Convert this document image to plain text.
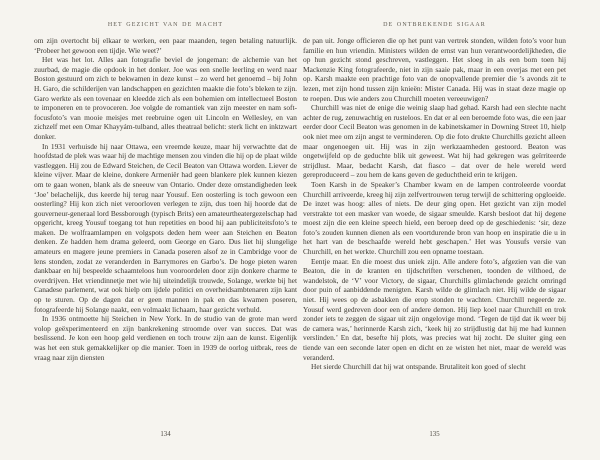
HET GEZICHT VAN DE MACHT

om zijn overtocht bij elkaar te werken, een paar maanden, tegen betaling natuurlijk. ‘Probeer het gewoon een tijdje. Wie weet?’

Het was het lot. Alles aan fotografie beviel de jongeman: de alchemie van het zuurbad, de magie die opdook in het donker. Joe was een snelle leerling en werd naar Boston gestuurd om zich te bekwamen in deze kunst – zo werd het genoemd – bij John H. Garo, die schilderijen van landschappen en gezichten maakte die foto’s bleken te zijn. Garo werkte als een tovenaar en kleedde zich als een bohemien om intellectueel Boston te imponeren en te provoceren. Joe volgde de romantiek van zijn meester en nam soft-focusfoto’s van mooie meisjes met reebruine ogen uit Lincoln en Wellesley, en van zichzelf met een Omar Khayyám-tulband, alles theatraal belicht: sterk licht en inktzwart donker.

In 1931 verhuisde hij naar Ottawa, een vreemde keuze, maar hij verwachtte dat de hoofdstad de plek was waar hij de machtige mensen zou vinden die hij op de plaat wilde vastleggen. Hij zou de Edward Steichen, de Cecil Beaton van Ottawa worden. Liever de kleine vijver. Maar de kleine, donkere Armeniër had geen blankere plek kunnen kiezen om te gaan wonen, blank als de sneeuw van Ontario. Onder deze omstandigheden leek ‘Joe’ belachelijk, dus keerde hij terug naar Yousuf. Een oosterling is toch gewoon een oosterling? Hij kon zich niet veroorloven verlegen te zijn, dus toen hij hoorde dat de gouverneur-generaal lord Bessborough (typisch Brits) een amateurtheatergezelschap had opgericht, kreeg Yousuf toegang tot hun repetities en bood hij aan publiciteitsfoto’s te maken. De wolfraamlampen en volgspots deden hem weer aan Steichen en Beaton denken. Ze hadden hem drama geleerd, oom George en Garo. Dus liet hij slungelige amateurs en magere jeune premiers in Canada poseren alsof ze in Cambridge voor de lens stonden, zodat ze veranderden in Barrymores en Garbo’s. De hoge pieten waren dankbaar en hij bespeelde schaamteloos hun vooroordelen door zijn donkere charme te overdrijven. Het vriendinnetje met wie hij uiteindelijk trouwde, Solange, werkte bij het Canadese parlement, wat ook hielp om ijdele politici en overheidsambtenaren zijn kant op te sturen. Op de dagen dat er geen mannen in pak en das kwamen poseren, fotografeerde hij Solange naakt, een volmaakt lichaam, haar gezicht verhuld.

In 1936 ontmoette hij Steichen in New York. In de studio van de grote man werd volop geëxperimenteerd en zijn bankrekening stroomde over van succes. Dat was beslissend. Je kon een hoop geld verdienen en toch trouw zijn aan de kunst. Eigenlijk was het een stuk gemakkelijker op die manier. Toen in 1939 de oorlog uitbrak, rees de vraag naar zijn diensten

134
DE ONTBREKENDE SIGAAR

de pan uit. Jonge officieren die op het punt van vertrek stonden, wilden foto’s voor hun familie en hun vriendin. Ministers wilden de ernst van hun verantwoordelijkheden, die op hun gezicht stond geschreven, vastleggen. Het sloeg in als een bom toen hij Mackenzie King fotografeerde, niet in zijn saaie pak, maar in een overjas met een pet op. Karsh maakte een prachtige foto van de onopvallende premier die ’s avonds zit te lezen, met zijn hond tussen zijn knieën: Mister Canada. Hij was in staat deze magie op te roepen. Dus wie anders zou Churchill moeten vereeuwigen?

Churchill was niet de enige die weinig slaap had gehad. Karsh had een slechte nacht achter de rug, zenuwachtig en rusteloos. En dat er al een beroemde foto was, die een jaar eerder door Cecil Beaton was genomen in de kabinetskamer in Downing Street 10, hielp ook niet mee om zijn angst te verminderen. Op die foto drukte Churchills gezicht alleen maar ongenoegen uit. Hij was in zijn werkzaamheden gestoord. Beaton was ongetwijfeld op de geduchte blik uit geweest. Wat hij had gekregen was geïrriteerde strijdlust. Maar, bedacht Karsh, dat fiasco – dat over de hele wereld werd gereproduceerd – zou hem de kans geven de geduchtheid erin te krijgen.

Toen Karsh in de Speaker’s Chamber kwam en de lampen controleerde voordat Churchill arriveerde, kreeg hij zijn zelfvertrouwen terug terwijl de schittering opgloeide. De inzet was hoog: alles of niets. De deur ging open. Het gezicht van zijn model verstrakte tot een masker van woede, de sigaar smeulde. Karsh besloot dat hij degene moest zijn die een kleine speech hield, een beroep deed op de geschiedenis: ‘sir, deze foto’s zouden kunnen dienen als een voortdurende bron van hoop en inspiratie die u in het hart van de beschaafde wereld hebt geschapen.’ Het was Yousufs versie van Churchill, en het werkte. Churchill zou een opname toestaan.

Eentje maar. En die moest dus uniek zijn. Alle andere foto’s, afgezien van die van Beaton, die in de kranten en tijdschriften verschenen, toonden de vilthoed, de wandelstok, de ‘V’ voor Victory, de sigaar, Churchills glimlachende gezicht omringd door puin of aanbiddende menigten. Karsh wilde de glimlach niet. Hij wilde de sigaar niet. Hij wees op de asbakken die erop stonden te wachten. Churchill negeerde ze. Yousuf werd gedreven door een of andere demon. Hij liep koel naar Churchill en trok zonder iets te zeggen de sigaar uit zijn ongelovige mond. ‘Tegen de tijd dat ik weer bij de camera was,’ herinnerde Karsh zich, ‘keek hij zo strijdlustig dat hij me had kunnen verslinden.’ En dat, besefte hij plots, was precies wat hij zocht. De sluiter ging een tiende van een seconde later open en dicht en ze wisten het niet, maar de wereld was veranderd.

Het sierde Churchill dat hij wat ontspande. Brutaliteit kon goed of slecht

135
